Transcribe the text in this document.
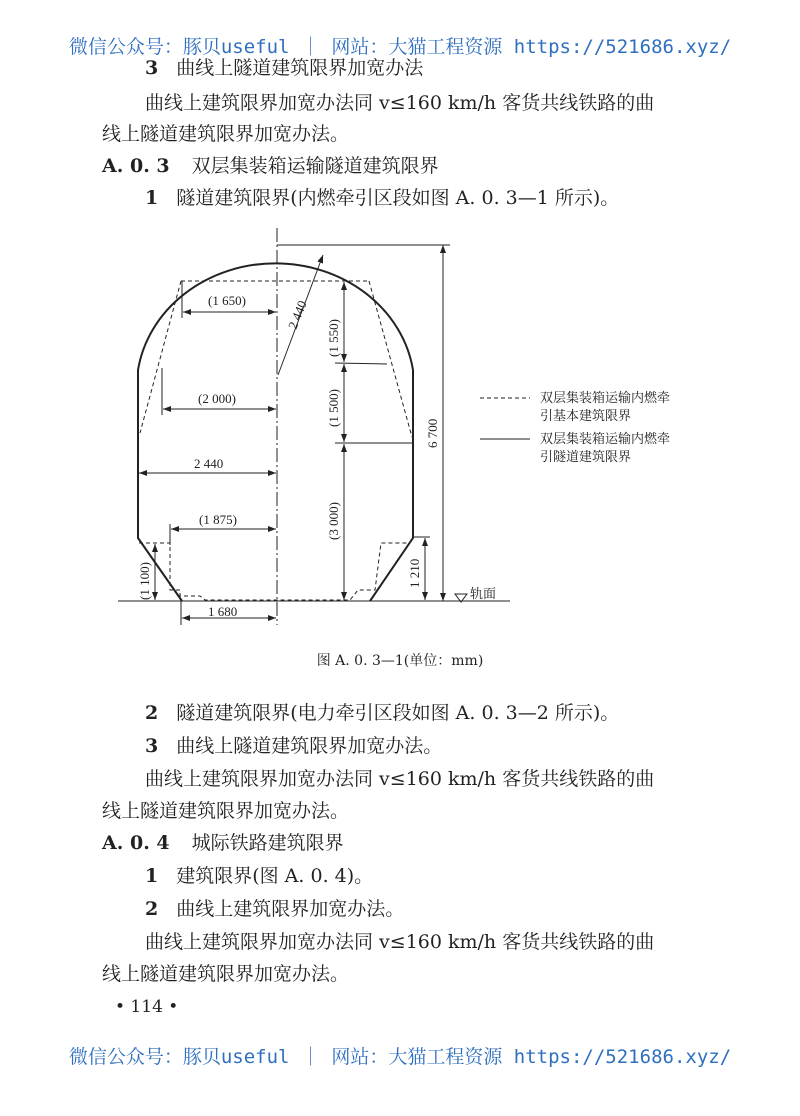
微信公众号：豚贝useful ｜ 网站：大猫工程资源 https://521686.xyz/
3 曲线上隧道建筑限界加宽办法
曲线上建筑限界加宽办法同 v≤160 km/h 客货共线铁路的曲
线上隧道建筑限界加宽办法。
A. 0. 3 双层集装箱运输隧道建筑限界
1 隧道建筑限界(内燃牵引区段如图 A. 0. 3—1 所示)。
(1 650)	2 440
(1 550)
(2 000)	(1 500)
6 700
2 440
(1 875)	(3 000)
(1 100)	1 210
1 680
轨面
双层集装箱运输内燃牵
引基本建筑限界
双层集装箱运输内燃牵
引隧道建筑限界
图 A. 0. 3—1(单位：mm)
2 隧道建筑限界(电力牵引区段如图 A. 0. 3—2 所示)。
3 曲线上隧道建筑限界加宽办法。
曲线上建筑限界加宽办法同 v≤160 km/h 客货共线铁路的曲
线上隧道建筑限界加宽办法。
A. 0. 4 城际铁路建筑限界
1 建筑限界(图 A. 0. 4)。
2 曲线上建筑限界加宽办法。
曲线上建筑限界加宽办法同 v≤160 km/h 客货共线铁路的曲
线上隧道建筑限界加宽办法。
• 114 •
微信公众号：豚贝useful ｜ 网站：大猫工程资源 https://521686.xyz/
